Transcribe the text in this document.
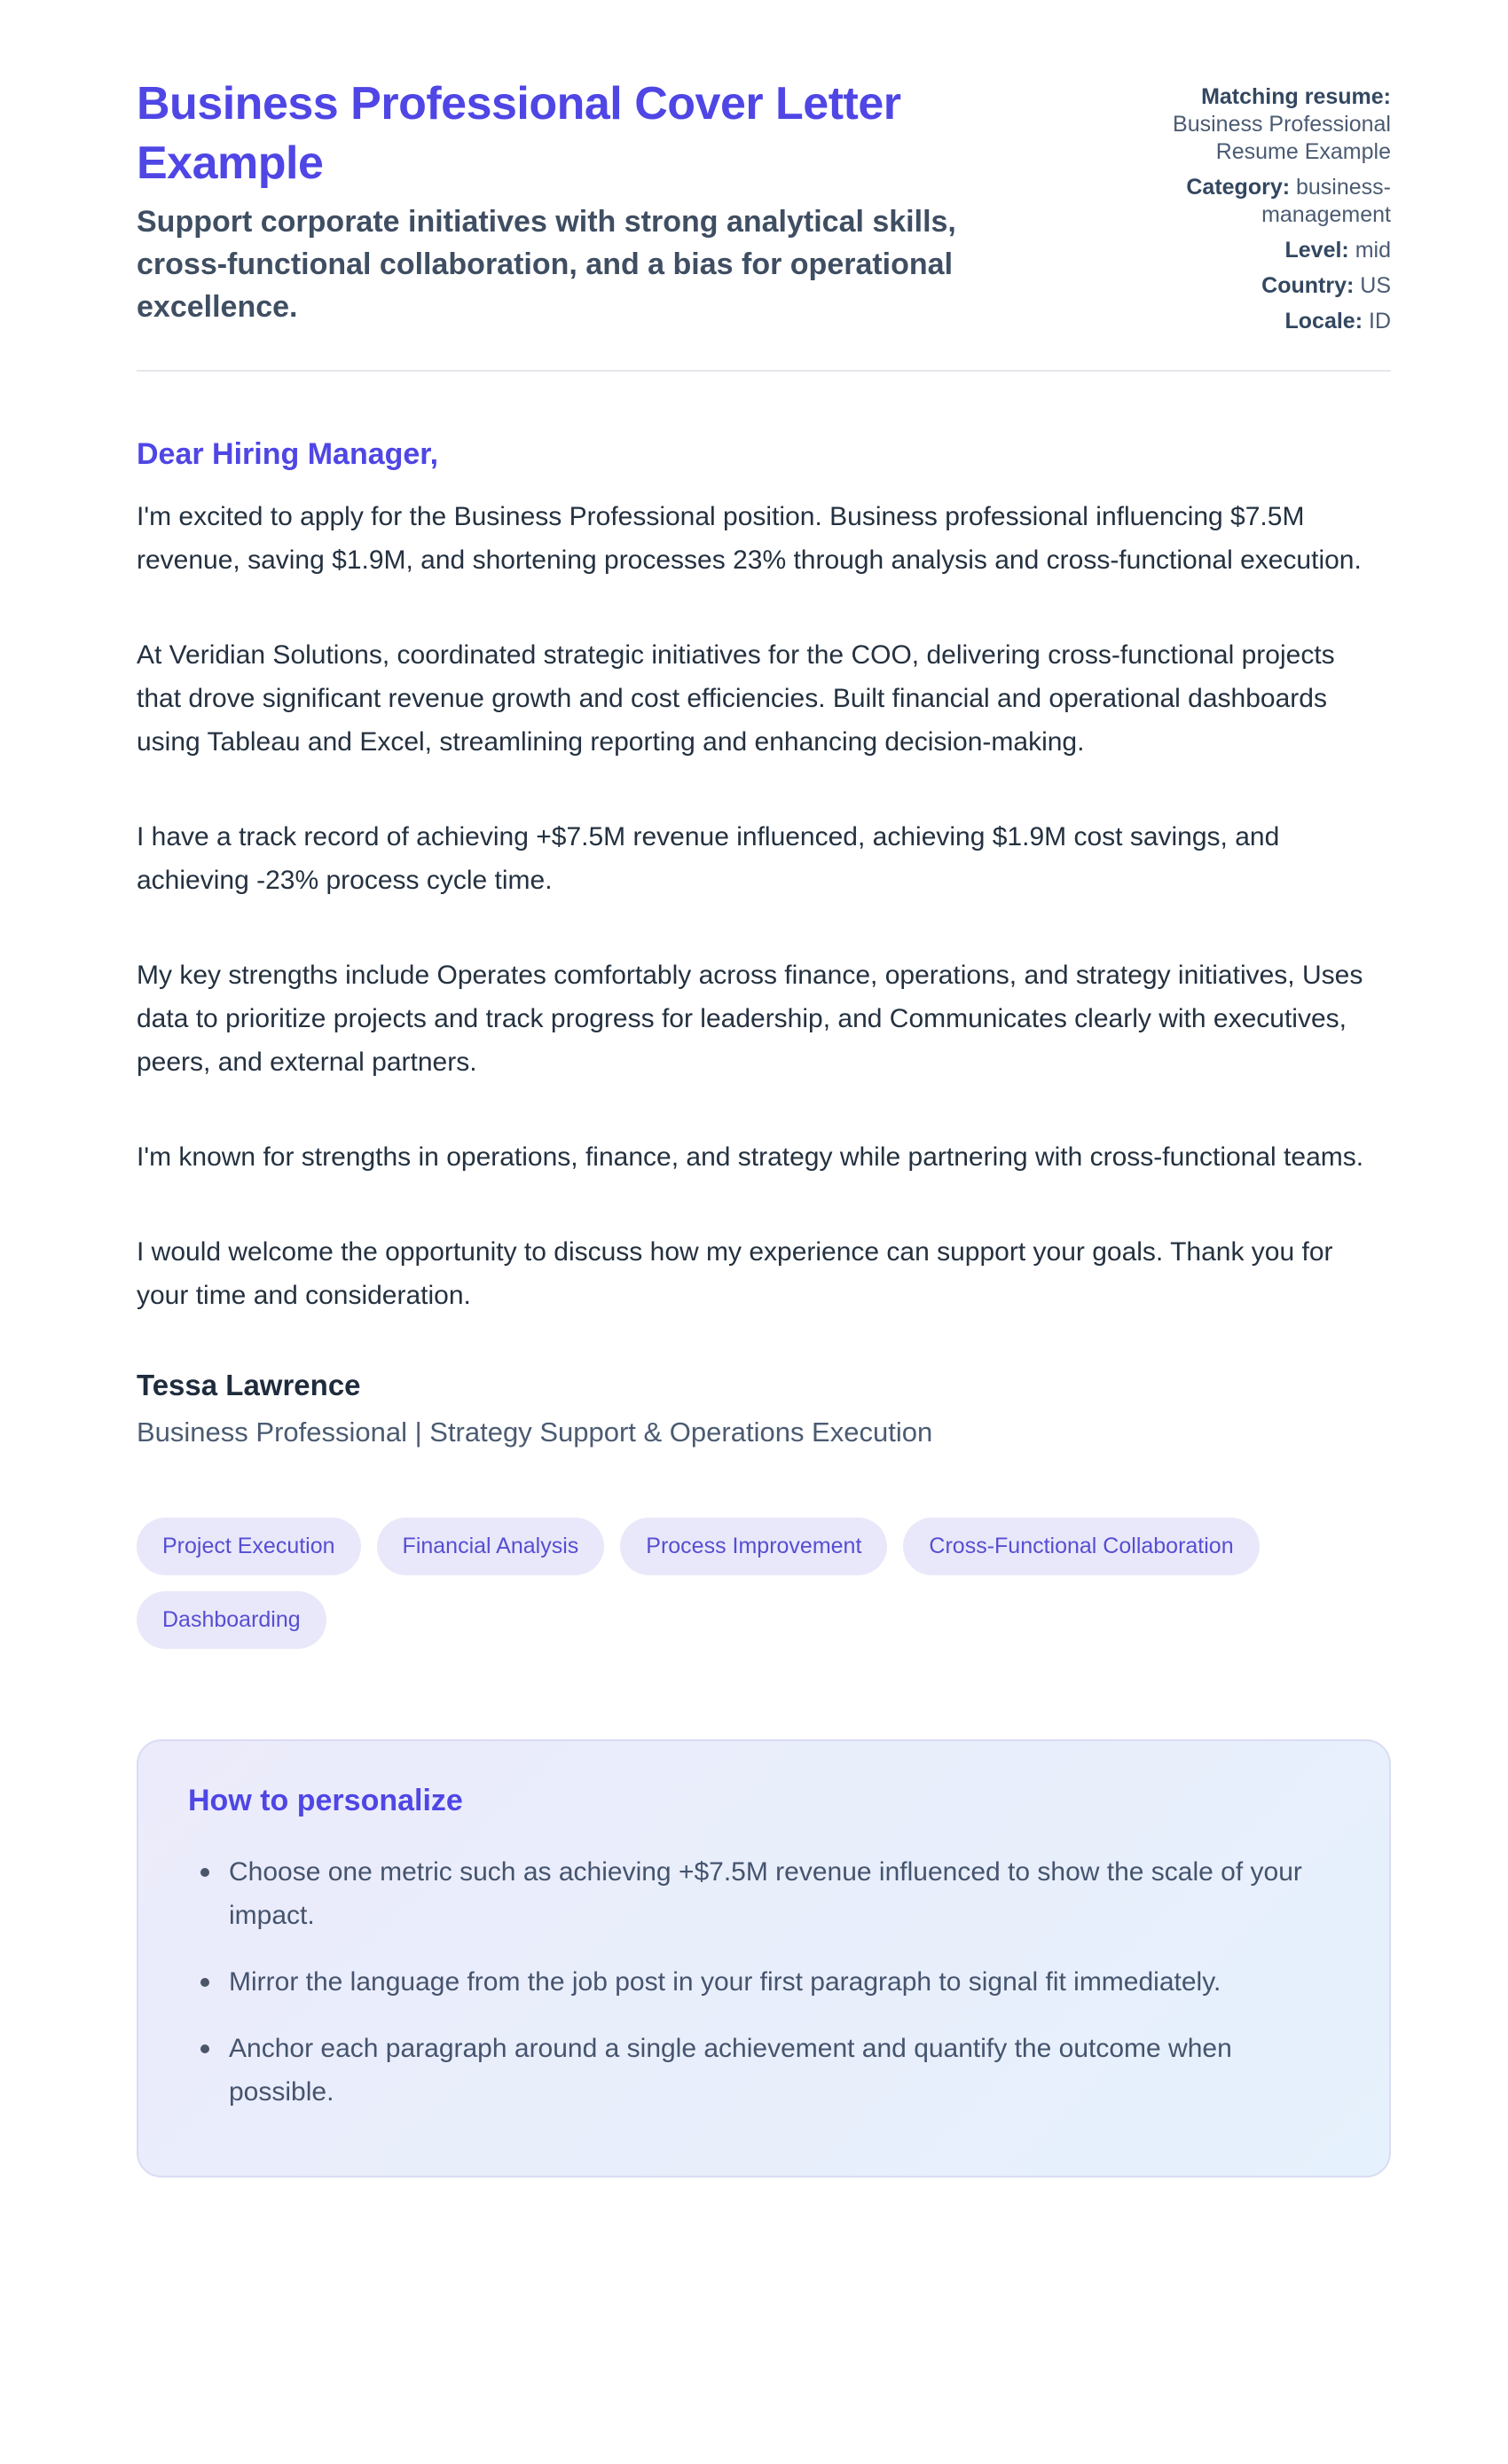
Business Professional Cover Letter Example

Support corporate initiatives with strong analytical skills, cross-functional collaboration, and a bias for operational excellence.

Matching resume: Business Professional Resume Example
Category: business-management
Level: mid
Country: US
Locale: ID

Dear Hiring Manager,

I'm excited to apply for the Business Professional position. Business professional influencing $7.5M revenue, saving $1.9M, and shortening processes 23% through analysis and cross-functional execution.

At Veridian Solutions, coordinated strategic initiatives for the COO, delivering cross-functional projects that drove significant revenue growth and cost efficiencies. Built financial and operational dashboards using Tableau and Excel, streamlining reporting and enhancing decision-making.

I have a track record of achieving +$7.5M revenue influenced, achieving $1.9M cost savings, and achieving -23% process cycle time.

My key strengths include Operates comfortably across finance, operations, and strategy initiatives, Uses data to prioritize projects and track progress for leadership, and Communicates clearly with executives, peers, and external partners.

I'm known for strengths in operations, finance, and strategy while partnering with cross-functional teams.

I would welcome the opportunity to discuss how my experience can support your goals. Thank you for your time and consideration.

Tessa Lawrence

Business Professional | Strategy Support & Operations Execution

Project Execution	Financial Analysis	Process Improvement	Cross-Functional Collaboration
Dashboarding
How to personalize
Choose one metric such as achieving +$7.5M revenue influenced to show the scale of your impact.
Mirror the language from the job post in your first paragraph to signal fit immediately.
Anchor each paragraph around a single achievement and quantify the outcome when possible.
